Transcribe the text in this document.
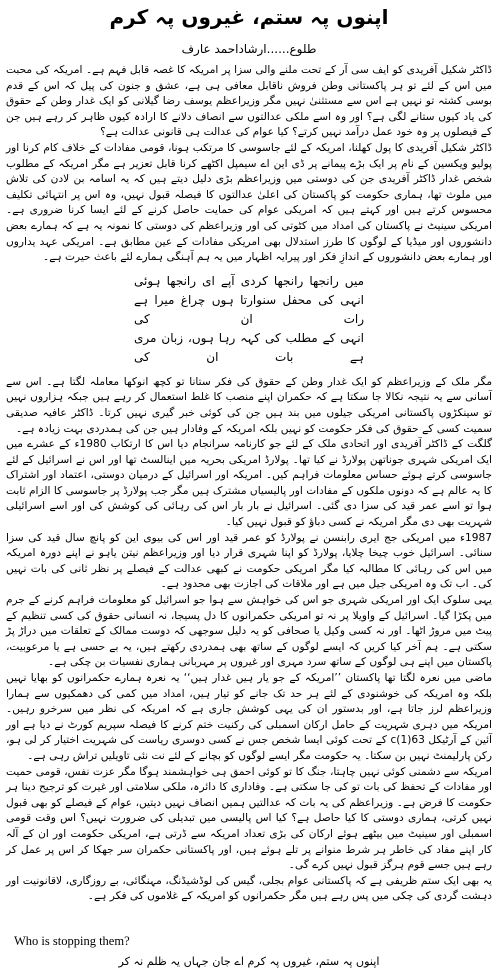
اپنوں پہ ستم، غیروں پہ کرم
طلوع......ارشاداحمد عارف

ڈاکٹر شکیل آفریدی کو ایف سی آر کے تحت ملنے والی سزا پر امریکہ کا غصہ قابل فہم ہے۔ امریکہ کی محبت میں اس کے لئے تو ہر پاکستانی وطن فروش ناقابل معافی ہی ہے، عشق و جنون کی پیل کہ اس کے قدم بوسی کشتہ تو نہیں ہے اس سے مستثنیٰ نہیں مگر وزیراعظم یوسف رضا گیلانی کو ایک غدار وطن کے حقوق کی یاد کیوں ستانے لگی ہے؟ اور وہ اسے ملکی عدالتوں سے انصاف دلانے کا ارادہ کیوں ظاہر کر رہے ہیں جن کے فیصلوں پر وہ خود عمل درآمد نہیں کرتے؟ کیا عوام کی عدالت ہی قانونی عدالت ہے؟

ڈاکٹر شکیل آفریدی کا پول کھلنا، امریکہ کے لئے جاسوسی کا مرتکب ہونا، قومی مفادات کے خلاف کام کرنا اور پولیو ویکسین کے نام پر ایک بڑے پیمانے پر ڈی این اے سیمپل اکٹھے کرنا قابل تعزیر ہے مگر امریکہ کے مطلوب شخص غدار ڈاکٹر آفریدی جن کی دوستی میں وزیراعظم بڑی دلیل دیتے ہیں کہ یہ اسامہ بن لادن کی تلاش میں ملوث تھا، ہماری حکومت کو پاکستان کی اعلیٰ عدالتوں کا فیصلہ قبول نہیں، وہ اس پر انتہائی تکلیف محسوس کرتے ہیں اور کہتے ہیں کہ امریکی عوام کی حمایت حاصل کرنے کے لئے ایسا کرنا ضروری ہے۔ امریکی سینیٹ نے پاکستان کی امداد میں کٹوتی کی اور وزیراعظم کی دوستی کا نمونہ یہ ہے کہ ہمارے بعض دانشوروں اور میڈیا کے لوگوں کا طرز استدلال بھی امریکی مفادات کے عین مطابق ہے۔ امریکی عہد یداروں اور ہمارے بعض دانشوروں کے اندازِ فکر اور پیرایہ اظہار میں یہ ہم آہنگی ہمارے لئے باعث حیرت ہے۔

میں رانجھا رانجھا کردی آپے ای رانجھا ہوئی
انہی کی محفل سنوارتا ہوں چراغ میرا ہے رات ان کی
انہی کے مطلب کی کہہ رہا ہوں، زبان مری ہے بات ان کی

مگر ملک کے وزیراعظم کو ایک غدار وطن کے حقوق کی فکر ستانا تو کچھ انوکھا معاملہ لگتا ہے۔ اس سے آسانی سے یہ نتیجہ نکالا جا سکتا ہے کہ حکمران اپنے منصب کا غلط استعمال کر رہے ہیں جبکہ ہزاروں نہیں تو سینکڑوں پاکستانی امریکی جیلوں میں بند ہیں جن کی کوئی خبر گیری نہیں کرتا۔ ڈاکٹر عافیہ صدیقی سمیت کسی کے حقوق کی فکر حکومت کو نہیں بلکہ امریکہ کے وفادار ہیں جن کی ہمدردی بہت زیادہ ہے۔

گلگت کے ڈاکٹر آفریدی اور اتحادی ملک کے لئے جو کارنامہ سرانجام دیا اس کا ارتکاب 1980ء کے عشرے میں ایک امریکی شہری جوناتھن پولارڈ نے کیا تھا۔ پولارڈ امریکی بحریہ میں اینالسٹ تھا اور اس نے اسرائیل کے لئے جاسوسی کرتے ہوئے حساس معلومات فراہم کیں۔ امریکہ اور اسرائیل کے درمیان دوستی، اعتماد اور اشتراک کا یہ عالم ہے کہ دونوں ملکوں کے مفادات اور پالیسیاں مشترک ہیں مگر جب پولارڈ پر جاسوسی کا الزام ثابت ہوا تو اسے عمر قید کی سزا دی گئی۔ اسرائیل نے بار بار اس کی رہائی کی کوشش کی اور اسے اسرائیلی شہریت بھی دی مگر امریکہ نے کسی دباؤ کو قبول نہیں کیا۔

1987ء میں امریکی جج ایری رابنسن نے پولارڈ کو عمر قید اور اس کی بیوی این کو پانچ سال قید کی سزا سنائی۔ اسرائیل خوب چیخا چلایا، پولارڈ کو اپنا شہری قرار دیا اور وزیراعظم نیتن یاہو نے اپنے دورہ امریکہ میں اس کی رہائی کا مطالبہ کیا مگر امریکی حکومت نے کبھی عدالت کے فیصلے پر نظر ثانی کی بات نہیں کی۔ اب تک وہ امریکی جیل میں ہے اور ملاقات کی اجازت بھی محدود ہے۔

یہی سلوک ایک اور امریکی شہری جو اس کی خواہش سے ہوا جو اسرائیل کو معلومات فراہم کرنے کے جرم میں پکڑا گیا۔ اسرائیل کے واویلا پر نہ تو امریکی حکمرانوں کا دل پسیجا، نہ انسانی حقوق کی کسی تنظیم کے پیٹ میں مروڑ اٹھا۔ اور نہ کسی وکیل یا صحافی کو یہ دلیل سوجھی کہ دوست ممالک کے تعلقات میں دراڑ پڑ سکتی ہے۔ ہم آخر کیا کریں کہ ایسے لوگوں کے ساتھ بھی ہمدردی رکھتے ہیں، یہ بے حسی ہے یا مرعوبیت، پاکستان میں اپنے ہی لوگوں کے ساتھ سرد مہری اور غیروں پر مہربانی ہماری نفسیات بن چکی ہے۔

ماضی میں نعرہ لگتا تھا پاکستان ’’امریکہ کے جو یار ہیں غدار ہیں‘‘ یہ نعرہ ہمارے حکمرانوں کو بھایا نہیں بلکہ وہ امریکہ کی خوشنودی کے لئے ہر حد تک جانے کو تیار ہیں، امداد میں کمی کی دھمکیوں سے ہمارا وزیراعظم لرز جاتا ہے، اور بدستور ان کی یہی کوشش جاری ہے کہ امریکہ کی نظر میں سرخرو رہیں۔ امریکہ میں دہری شہریت کے حامل ارکان اسمبلی کی رکنیت ختم کرنے کا فیصلہ سپریم کورٹ نے دیا ہے اور آئین کے آرٹیکل 63(1)c کے تحت کوئی ایسا شخص جس نے کسی دوسری ریاست کی شہریت اختیار کر لی ہو، رکن پارلیمنٹ نہیں بن سکتا۔ یہ حکومت مگر ایسے لوگوں کو بچانے کے لئے نت نئی تاویلیں تراش رہی ہے۔

امریکہ سے دشمنی کوئی نہیں چاہتا، جنگ کا تو کوئی احمق ہی خواہشمند ہوگا مگر عزت نفس، قومی حمیت اور مفادات کے تحفظ کی بات تو کی جا سکتی ہے۔ وفاداری کا دائرہ، ملکی سلامتی اور غیرت کو ترجیح دینا ہر حکومت کا فرض ہے۔ وزیراعظم کی یہ بات کہ عدالتیں ہمیں انصاف نہیں دیتیں، عوام کے فیصلے کو بھی قبول نہیں کرتی، ہماری دوستی کا کیا حاصل ہے؟ کیا اس پالیسی میں تبدیلی کی ضرورت نہیں؟ اس وقت قومی اسمبلی اور سینیٹ میں بیٹھے ہوئے ارکان کی بڑی تعداد امریکہ سے ڈرتی ہے، امریکی حکومت اور ان کے آلہ کار اپنے مفاد کی خاطر ہر شرط منوانے پر تلے ہوئے ہیں، اور پاکستانی حکمران سر جھکا کر اس پر عمل کر رہے ہیں جسے قوم ہرگز قبول نہیں کرے گی۔

یہ بھی ایک ستم ظریفی ہے کہ پاکستانی عوام بجلی، گیس کی لوڈشیڈنگ، مہنگائی، بے روزگاری، لاقانونیت اور دہشت گردی کی چکی میں پس رہے ہیں مگر حکمرانوں کو امریکہ کے غلاموں کی فکر ہے۔

Who is stopping them?
اپنوں پہ ستم، غیروں پہ کرم اے جان جہاں یہ ظلم نہ کر
